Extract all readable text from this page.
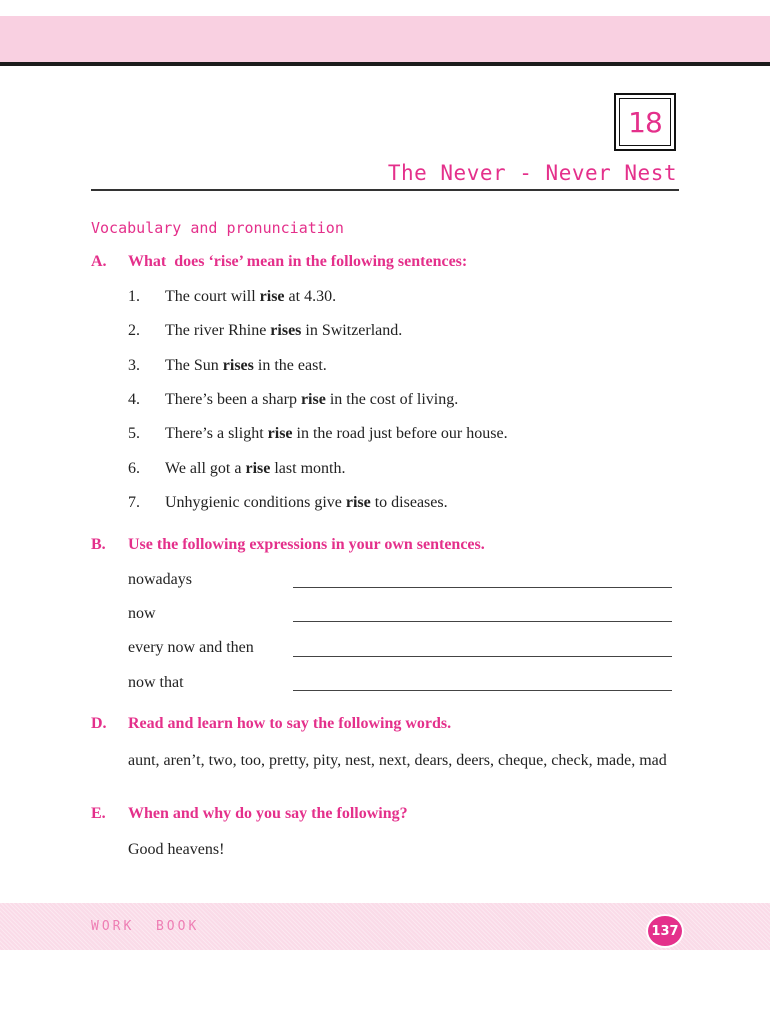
18
The Never - Never Nest
Vocabulary and pronunciation
A. What  does ‘rise’ mean in the following sentences:
1. The court will rise at 4.30.
2. The river Rhine rises in Switzerland.
3. The Sun rises in the east.
4. There’s been a sharp rise in the cost of living.
5. There’s a slight rise in the road just before our house.
6. We all got a rise last month.
7. Unhygienic conditions give rise to diseases.
B. Use the following expressions in your own sentences.
nowadays
now
every now and then
now that
D. Read and learn how to say the following words.
aunt, aren’t, two, too, pretty, pity, nest, next, dears, deers, cheque, check, made, mad
E. When and why do you say the following?
Good heavens!
WORK  BOOK	137
